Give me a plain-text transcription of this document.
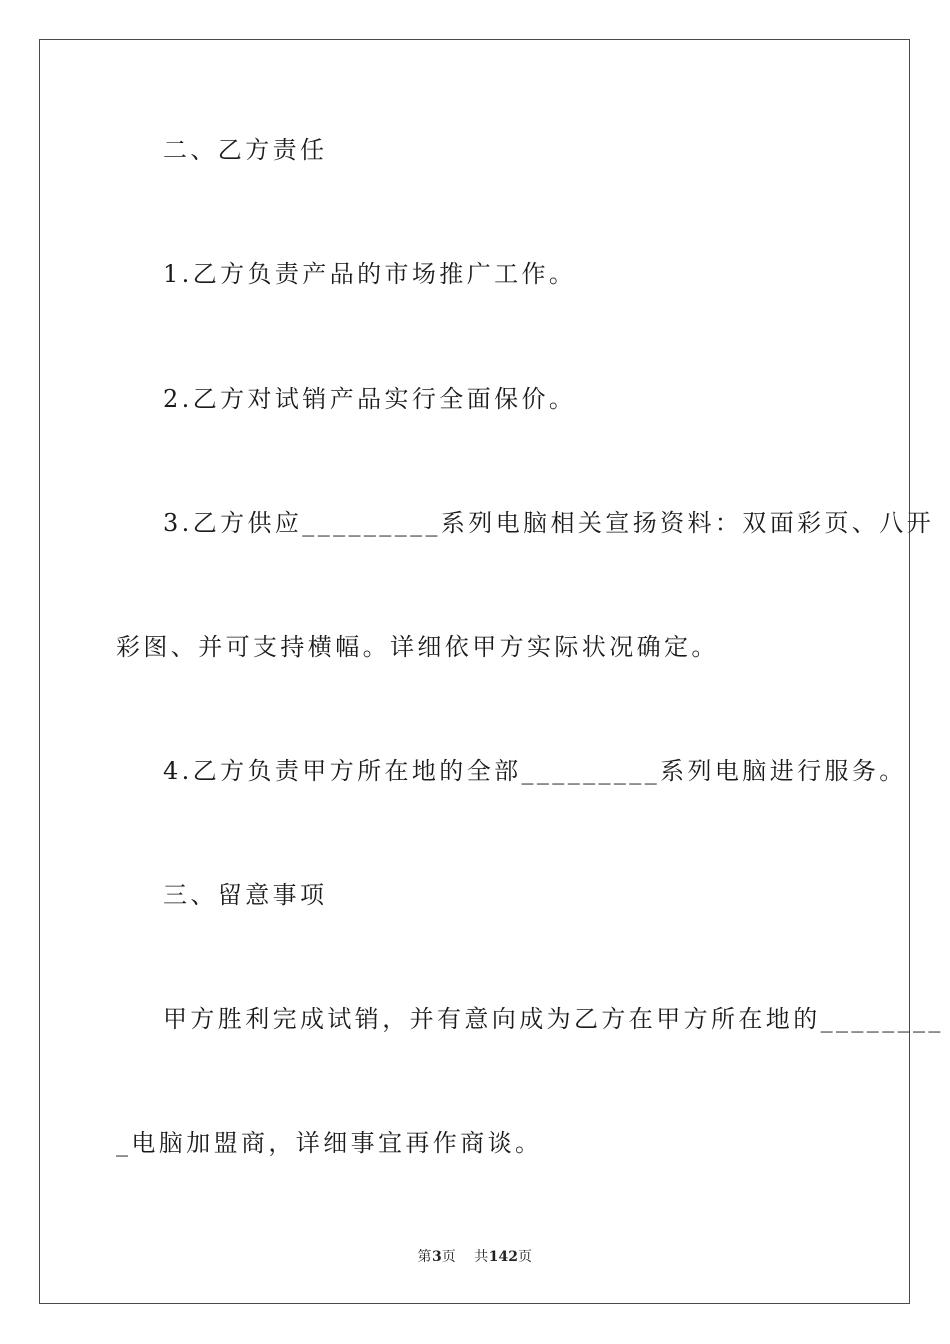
二、乙方责任
1.乙方负责产品的市场推广工作。
2.乙方对试销产品实行全面保价。
3.乙方供应_________系列电脑相关宣扬资料：双面彩页、八开
彩图、并可支持横幅。详细依甲方实际状况确定。
4.乙方负责甲方所在地的全部_________系列电脑进行服务。
三、留意事项
甲方胜利完成试销，并有意向成为乙方在甲方所在地的________
_电脑加盟商，详细事宜再作商谈。
第3页 共142页
